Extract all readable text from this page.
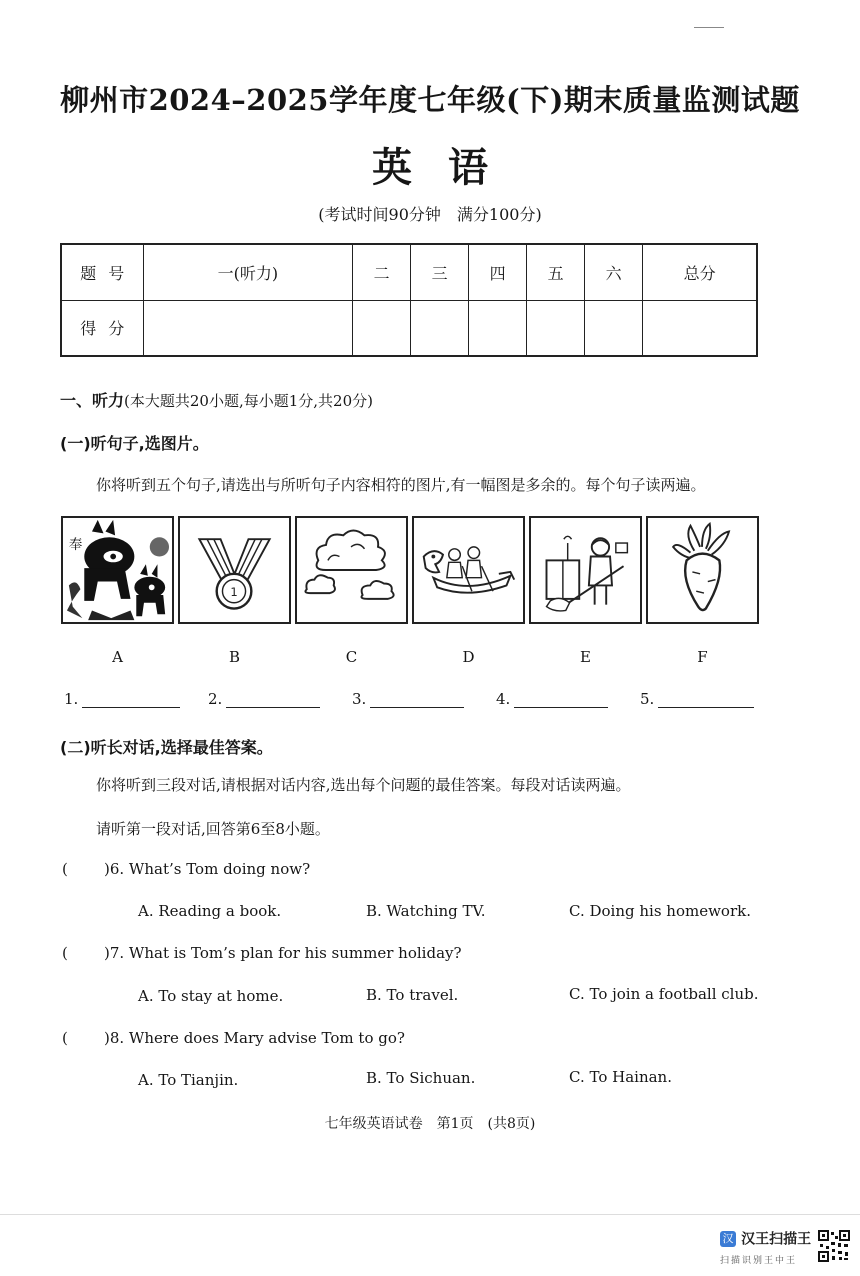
柳州市2024–2025学年度七年级(下)期末质量监测试题
英语
(考试时间90分钟　满分100分)
题号	一(听力)	二	三	四	五	六	总分
得分							
一、听力(本大题共20小题,每小题1分,共20分)
(一)听句子,选图片。
你将听到五个句子,请选出与所听句子内容相符的图片,有一幅图是多余的。每个句子读两遍。
奉
1
A	B	C	D	E	F
1.	2.	3.	4.	5.
(二)听长对话,选择最佳答案。
你将听到三段对话,请根据对话内容,选出每个问题的最佳答案。每段对话读两遍。
请听第一段对话,回答第6至8小题。
( )6. What’s Tom doing now?
A. Reading a book.	B. Watching TV.	C. Doing his homework.
( )7. What is Tom’s plan for his summer holiday?
A. To stay at home.	B. To travel.	C. To join a football club.
( )8. Where does Mary advise Tom to go?
A. To Tianjin.	B. To Sichuan.	C. To Hainan.
七年级英语试卷　第1页　(共8页)
汉 汉王扫描王
扫描识别王中王
